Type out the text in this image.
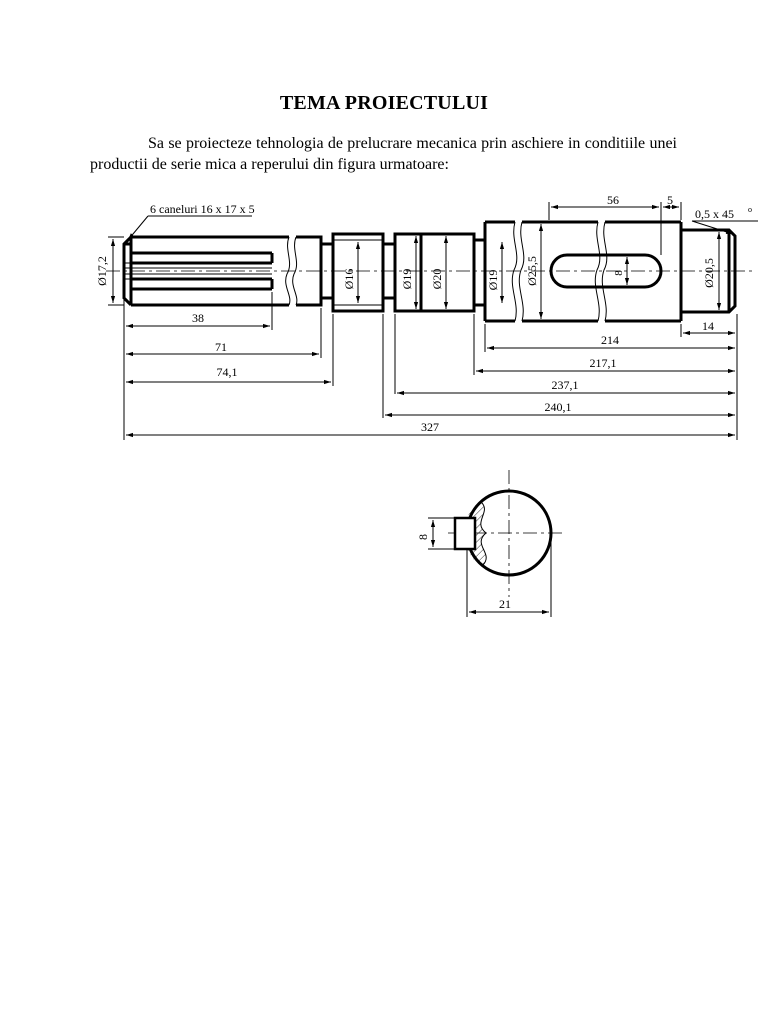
TEMA PROIECTULUI
Sa se proiecteze tehnologia de prelucrare mecanica prin aschiere in conditiile unei productii de serie mica a reperului din figura urmatoare:
Ø17,2	Ø16	Ø19 Ø20	Ø19 Ø25,5	8	Ø20,5
6 caneluri 16 x 17 x 5
56	5
0,5 x 45 o
38
71
74,1
14
214
217,1
237,1
240,1
327
8
21
